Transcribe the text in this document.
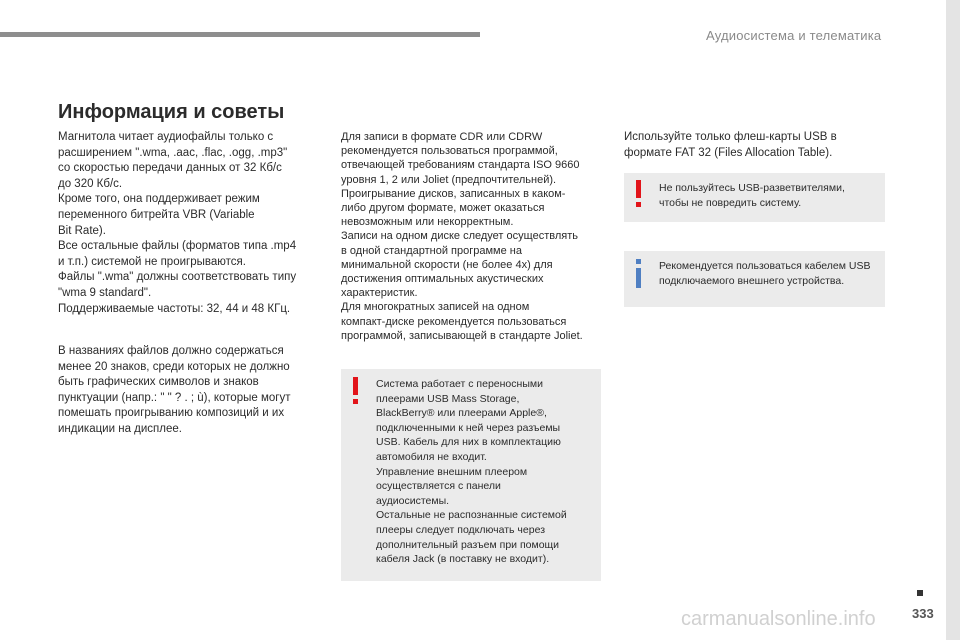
Аудиосистема и телематика
333
Информация и советы

Магнитола читает аудиофайлы только с
расширением ".wma, .aac, .flac, .ogg, .mp3"
со скоростью передачи данных от 32 Кб/с
до 320 Кб/с.
Кроме того, она поддерживает режим
переменного битрейта VBR (Variable
Bit Rate).
Все остальные файлы (форматов типа .mp4
и т.п.) системой не проигрываются.
Файлы ".wma" должны соответствовать типу
"wma 9 standard".
Поддерживаемые частоты: 32, 44 и 48 КГц.

В названиях файлов должно содержаться
менее 20 знаков, среди которых не должно
быть графических символов и знаков
пунктуации (напр.: " " ? . ; ù), которые могут
помешать проигрыванию композиций и их
индикации на дисплее.

Для записи в формате CDR или CDRW
рекомендуется пользоваться программой,
отвечающей требованиям стандарта ISO 9660
уровня 1, 2 или Joliet (предпочтительней).
Проигрывание дисков, записанных в каком-
либо другом формате, может оказаться
невозможным или некорректным.
Записи на одном диске следует осуществлять
в одной стандартной программе на
минимальной скорости (не более 4x) для
достижения оптимальных акустических
характеристик.
Для многократных записей на одном
компакт-диске рекомендуется пользоваться
программой, записывающей в стандарте Joliet.

Система работает с переносными
плеерами USB Mass Storage,
BlackBerry® или плеерами Apple®,
подключенными к ней через разъемы
USB. Кабель для них в комплектацию
автомобиля не входит.
Управление внешним плеером
осуществляется с панели
аудиосистемы.
Остальные не распознанные системой
плееры следует подключать через
дополнительный разъем при помощи
кабеля Jack (в поставку не входит).

Используйте только флеш-карты USB в
формате FAT 32 (Files Allocation Table).

Не пользуйтесь USB-разветвителями,
чтобы не повредить систему.

Рекомендуется пользоваться кабелем USB
подключаемого внешнего устройства.

carmanualsonline.info
